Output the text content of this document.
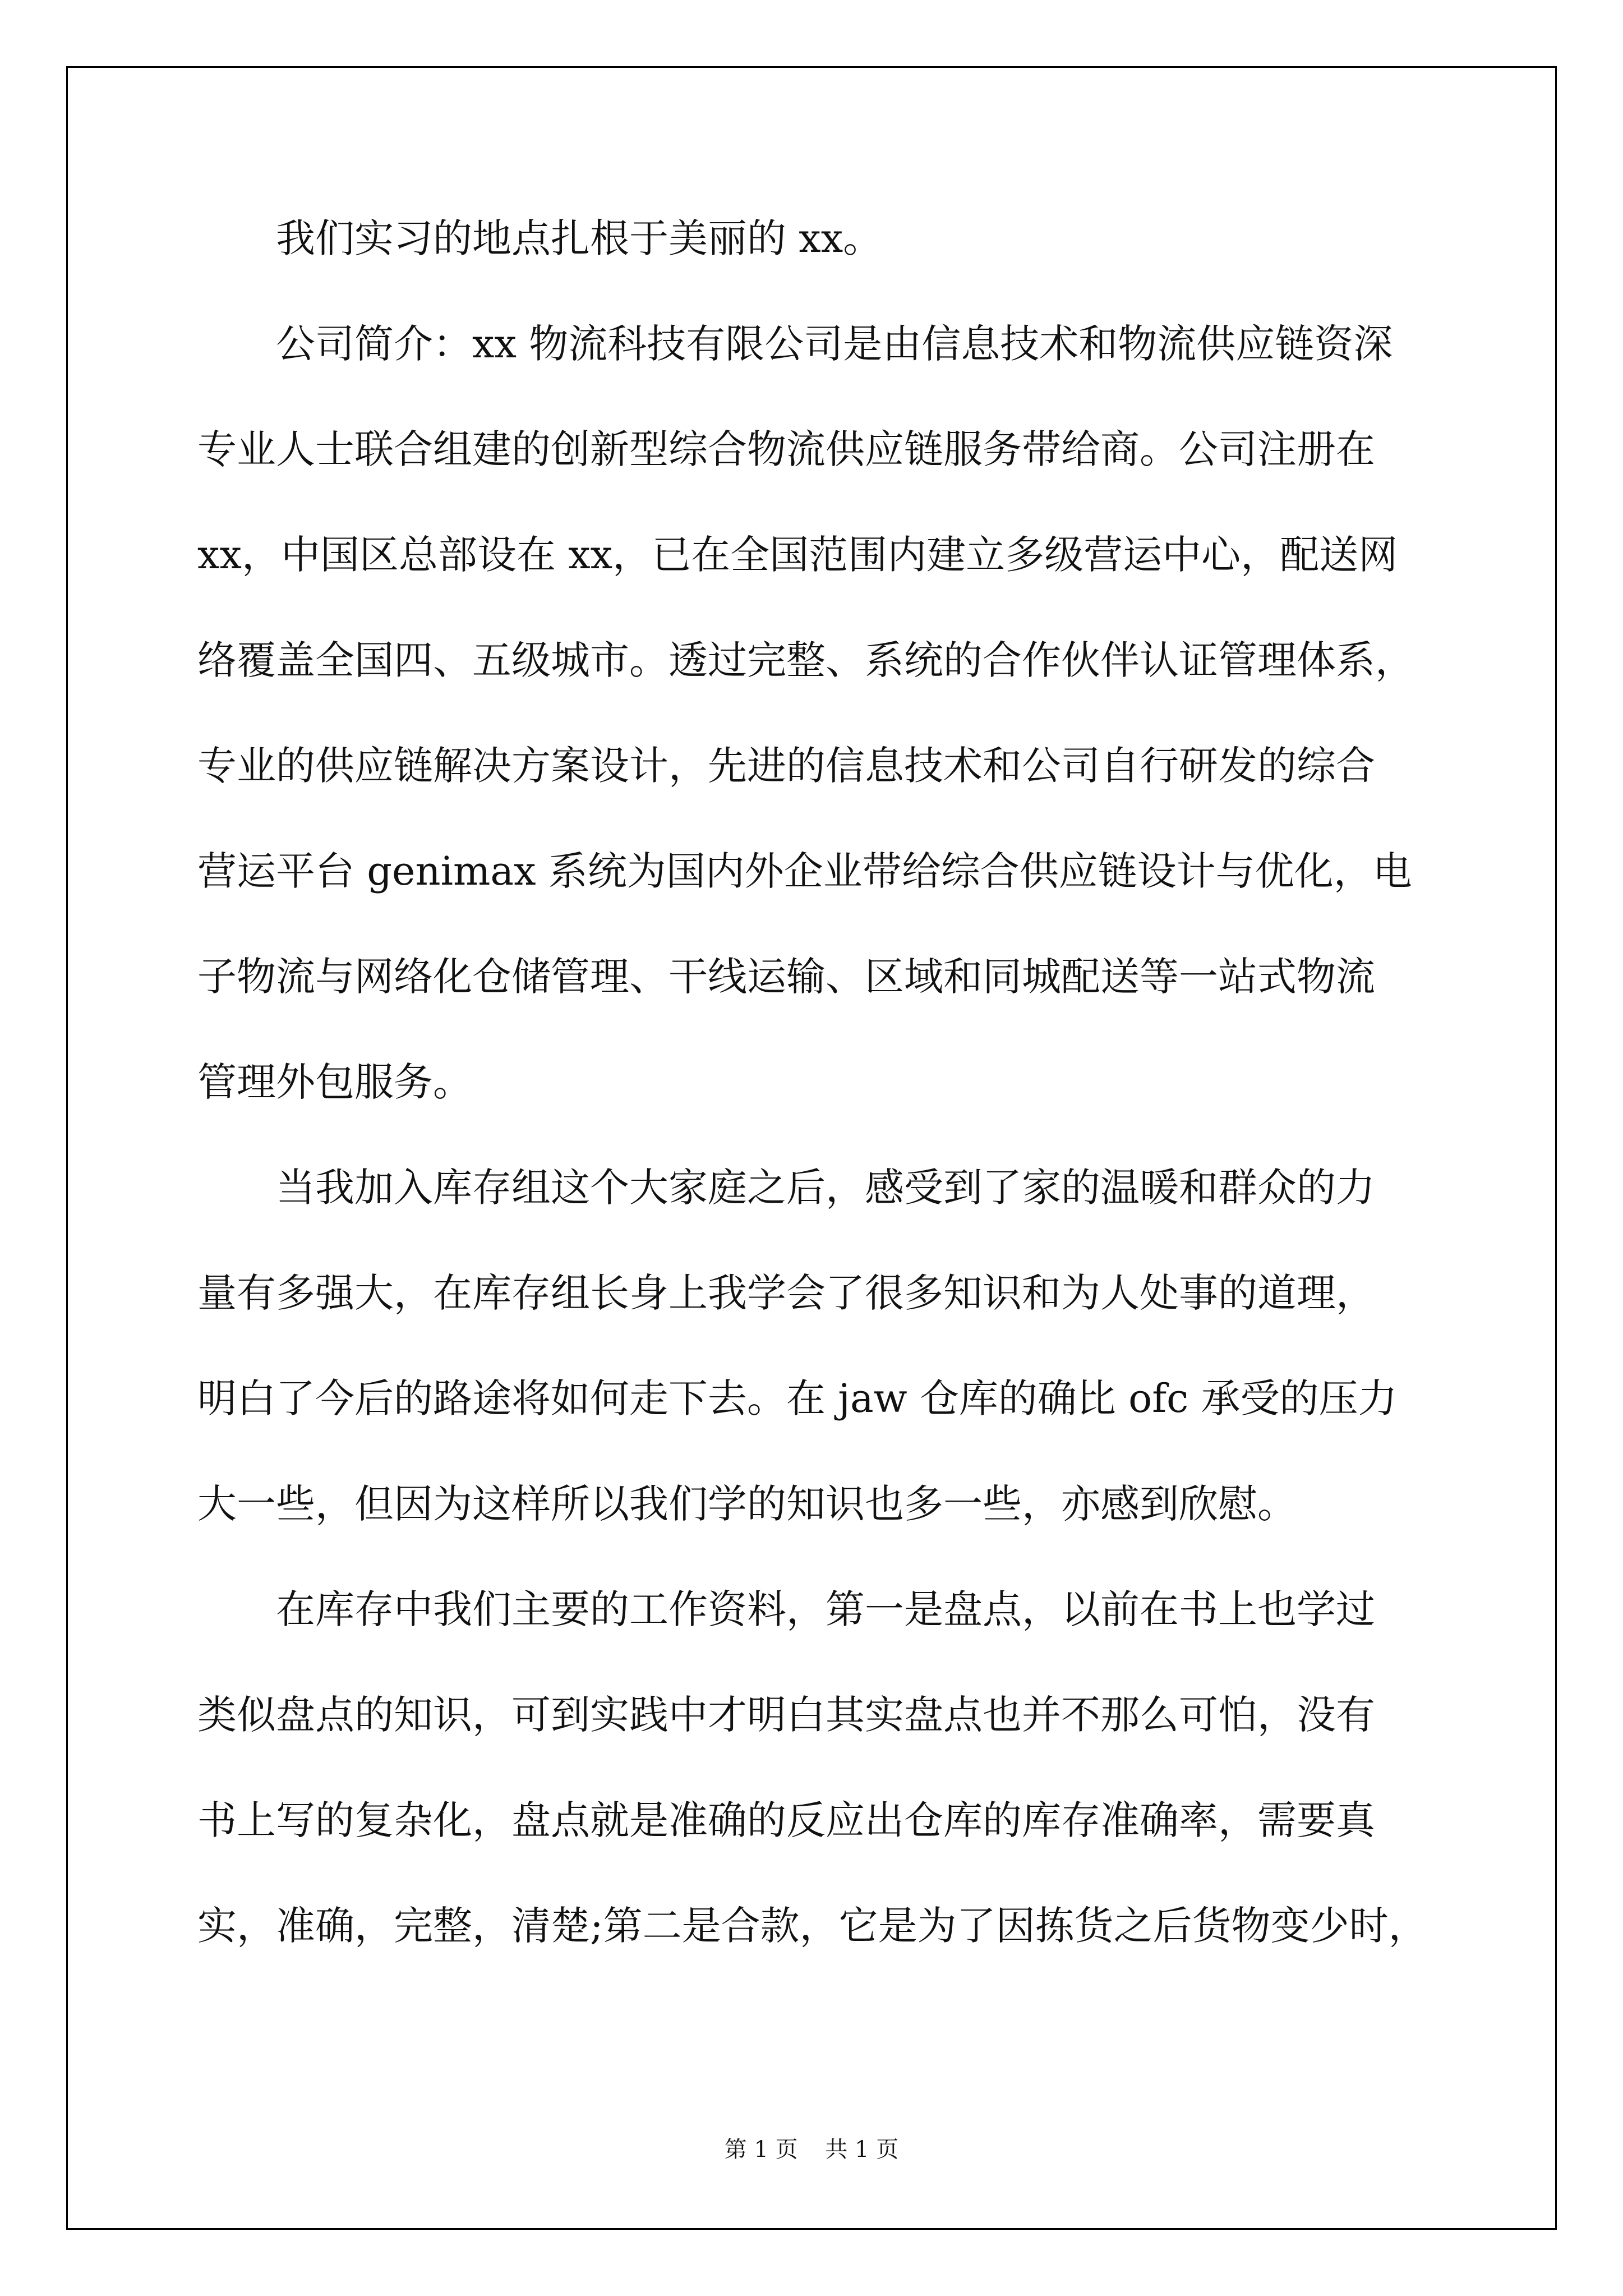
我们实习的地点扎根于美丽的 xx。
公司简介：xx 物流科技有限公司是由信息技术和物流供应链资深
专业人士联合组建的创新型综合物流供应链服务带给商。公司注册在
xx，中国区总部设在 xx，已在全国范围内建立多级营运中心，配送网
络覆盖全国四、五级城市。透过完整、系统的合作伙伴认证管理体系，
专业的供应链解决方案设计，先进的信息技术和公司自行研发的综合
营运平台 genimax 系统为国内外企业带给综合供应链设计与优化，电
子物流与网络化仓储管理、干线运输、区域和同城配送等一站式物流
管理外包服务。
当我加入库存组这个大家庭之后，感受到了家的温暖和群众的力
量有多强大，在库存组长身上我学会了很多知识和为人处事的道理，
明白了今后的路途将如何走下去。在 jaw 仓库的确比 ofc 承受的压力
大一些，但因为这样所以我们学的知识也多一些，亦感到欣慰。
在库存中我们主要的工作资料，第一是盘点，以前在书上也学过
类似盘点的知识，可到实践中才明白其实盘点也并不那么可怕，没有
书上写的复杂化，盘点就是准确的反应出仓库的库存准确率，需要真
实，准确，完整，清楚;第二是合款，它是为了因拣货之后货物变少时，
第 1 页 共 1 页
